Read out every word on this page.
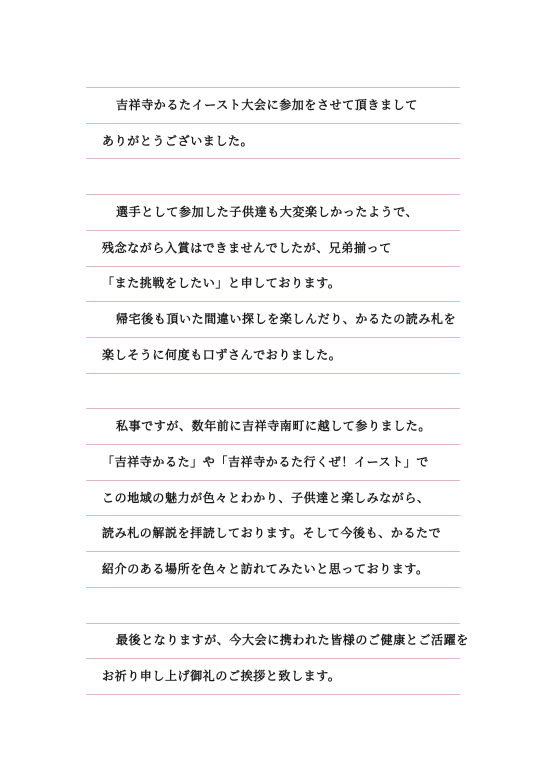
吉祥寺かるたイースト大会に参加をさせて頂きまして
ありがとうございました。
選手として参加した子供達も大変楽しかったようで、
残念ながら入賞はできませんでしたが、兄弟揃って
「また挑戦をしたい」と申しております。
帰宅後も頂いた間違い探しを楽しんだり、かるたの読み札を
楽しそうに何度も口ずさんでおりました。
私事ですが、数年前に吉祥寺南町に越して参りました。
「吉祥寺かるた」や「吉祥寺かるた行くぜ！イースト」で
この地域の魅力が色々とわかり、子供達と楽しみながら、
読み札の解説を拝読しております。そして今後も、かるたで
紹介のある場所を色々と訪れてみたいと思っております。
最後となりますが、今大会に携われた皆様のご健康とご活躍を
お祈り申し上げ御礼のご挨拶と致します。
